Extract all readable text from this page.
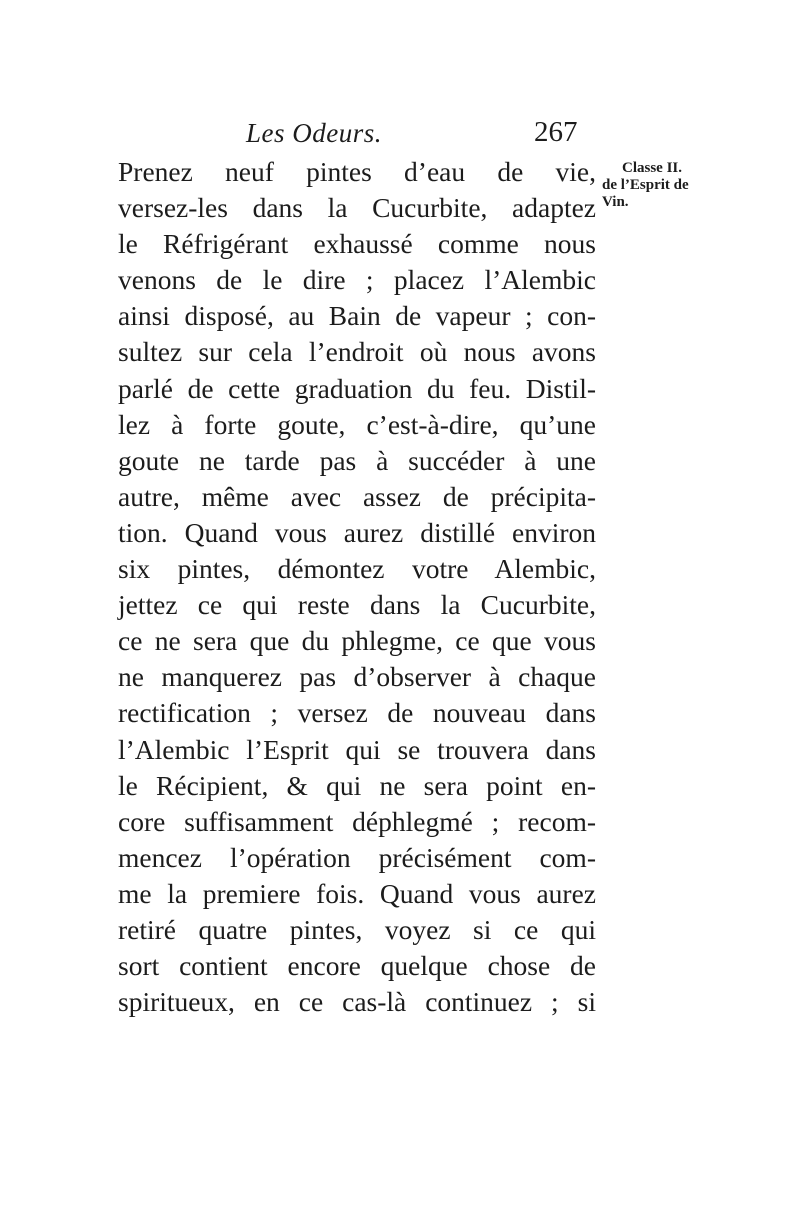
Les Odeurs.	267
Classe II.
de l’Esprit de
Vin.
Prenez neuf pintes d’eau de vie,
versez-les dans la Cucurbite, adaptez
le Réfrigérant exhaussé comme nous
venons de le dire ; placez l’Alembic
ainsi disposé, au Bain de vapeur ; con-
sultez sur cela l’endroit où nous avons
parlé de cette graduation du feu. Distil-
lez à forte goute, c’est-à-dire, qu’une
goute ne tarde pas à succéder à une
autre, même avec assez de précipita-
tion. Quand vous aurez distillé environ
six pintes, démontez votre Alembic,
jettez ce qui reste dans la Cucurbite,
ce ne sera que du phlegme, ce que vous
ne manquerez pas d’observer à chaque
rectification ; versez de nouveau dans
l’Alembic l’Esprit qui se trouvera dans
le Récipient, & qui ne sera point en-
core suffisamment déphlegmé ; recom-
mencez l’opération précisément com-
me la premiere fois. Quand vous aurez
retiré quatre pintes, voyez si ce qui
sort contient encore quelque chose de
spiritueux, en ce cas-là continuez ; si
